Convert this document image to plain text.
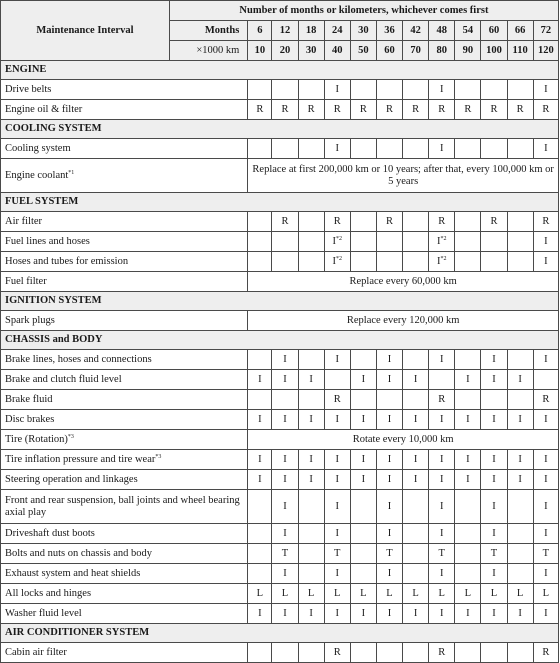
Maintenance Interval	Number of months or kilometers, whichever comes first												
	Months	6	12	18	24	30	36	42	48	54	60	66	72
	×1000 km	10	20	30	40	50	60	70	80	90	100	110	120
ENGINE													
Drive belts					I				I				I
Engine oil & filter		R	R	R	R	R	R	R	R	R	R	R	R
COOLING SYSTEM													
Cooling system					I				I				I
Engine coolant$^{*1}$		Replace at first 200,000 km or 10 years; after that, every 100,000 km or 5 years											
FUEL SYSTEM													
Air filter			R		R		R		R		R		R
Fuel lines and hoses					$I^{*2}$				$I^{*2}$				I
Hoses and tubes for emission					$I^{*2}$				$I^{*2}$				I
Fuel filter		Replace every 60,000 km											
IGNITION SYSTEM													
Spark plugs		Replace every 120,000 km											
CHASSIS and BODY													
Brake lines, hoses and connections			I		I		I		I		I		I
Brake and clutch fluid level		I	I	I		I	I	I		I	I	I	
Brake fluid					R				R				R
Disc brakes		I	I	I	I	I	I	I	I	I	I	I	I
Tire (Rotation)$^{*3}$		Rotate every 10,000 km											
Tire inflation pressure and tire wear$^{*3}$		I	I	I	I	I	I	I	I	I	I	I	I
Steering operation and linkages		I	I	I	I	I	I	I	I	I	I	I	I
Front and rear suspension, ball joints and wheel bearing axial play			I		I		I		I		I		I
Driveshaft dust boots			I		I		I		I		I		I
Bolts and nuts on chassis and body			T		T		T		T		T		T
Exhaust system and heat shields			I		I		I		I		I		I
All locks and hinges		L	L	L	L	L	L	L	L	L	L	L	L
Washer fluid level		I	I	I	I	I	I	I	I	I	I	I	I
AIR CONDITIONER SYSTEM													
Cabin air filter					R				R				R
